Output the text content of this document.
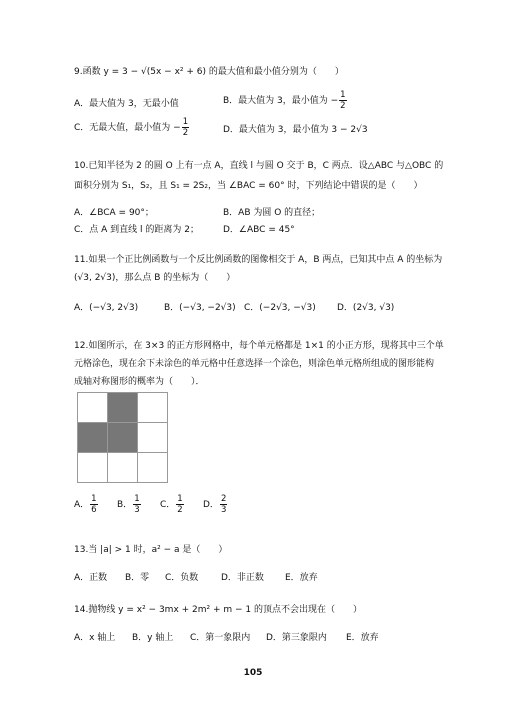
9.函数 y = 3 − √(5x − x² + 6) 的最大值和最小值分别为（　　）
A．最大值为 3，无最小值	B．最大值为 3，最小值为 − $\frac{1}{2}$
C．无最大值，最小值为 − $\frac{1}{2}$	D．最大值为 3，最小值为 3 − 2√3
10.已知半径为 2 的圆 O 上有一点 A，直线 l 与圆 O 交于 B，C 两点．设△ABC 与△OBC 的
面积分别为 S₁，S₂，且 S₁ = 2S₂，当 ∠BAC = 60° 时，下列结论中错误的是（　　）
A．∠BCA = 90°；	B．AB 为圆 O 的直径；
C．点 A 到直线 l 的距离为 2；	D．∠ABC = 45°
11.如果一个正比例函数与一个反比例函数的图像相交于 A，B 两点，已知其中点 A 的坐标为
(√3, 2√3)，那么点 B 的坐标为（　　）
A．(−√3, 2√3)	B．(−√3, −2√3) C．(−2√3, −√3) D．(2√3, √3)
12.如图所示，在 3×3 的正方形网格中，每个单元格都是 1×1 的小正方形，现将其中三个单
元格涂色，现在余下未涂色的单元格中任意选择一个涂色，则涂色单元格所组成的图形能构
成轴对称图形的概率为（　　）．

A． $\frac{1}{6}$ B． $\frac{1}{3}$ C． $\frac{1}{2}$ D． $\frac{2}{3}$
13.当 |a| > 1 时，a² − a 是（　　）
A．正数 B．零 C．负数	D．非正数 E．放弃
14.抛物线 y = x² − 3mx + 2m² + m − 1 的顶点不会出现在（　　）
A．x 轴上 B．y 轴上 C．第一象限内 D．第三象限内 E．放弃
105
